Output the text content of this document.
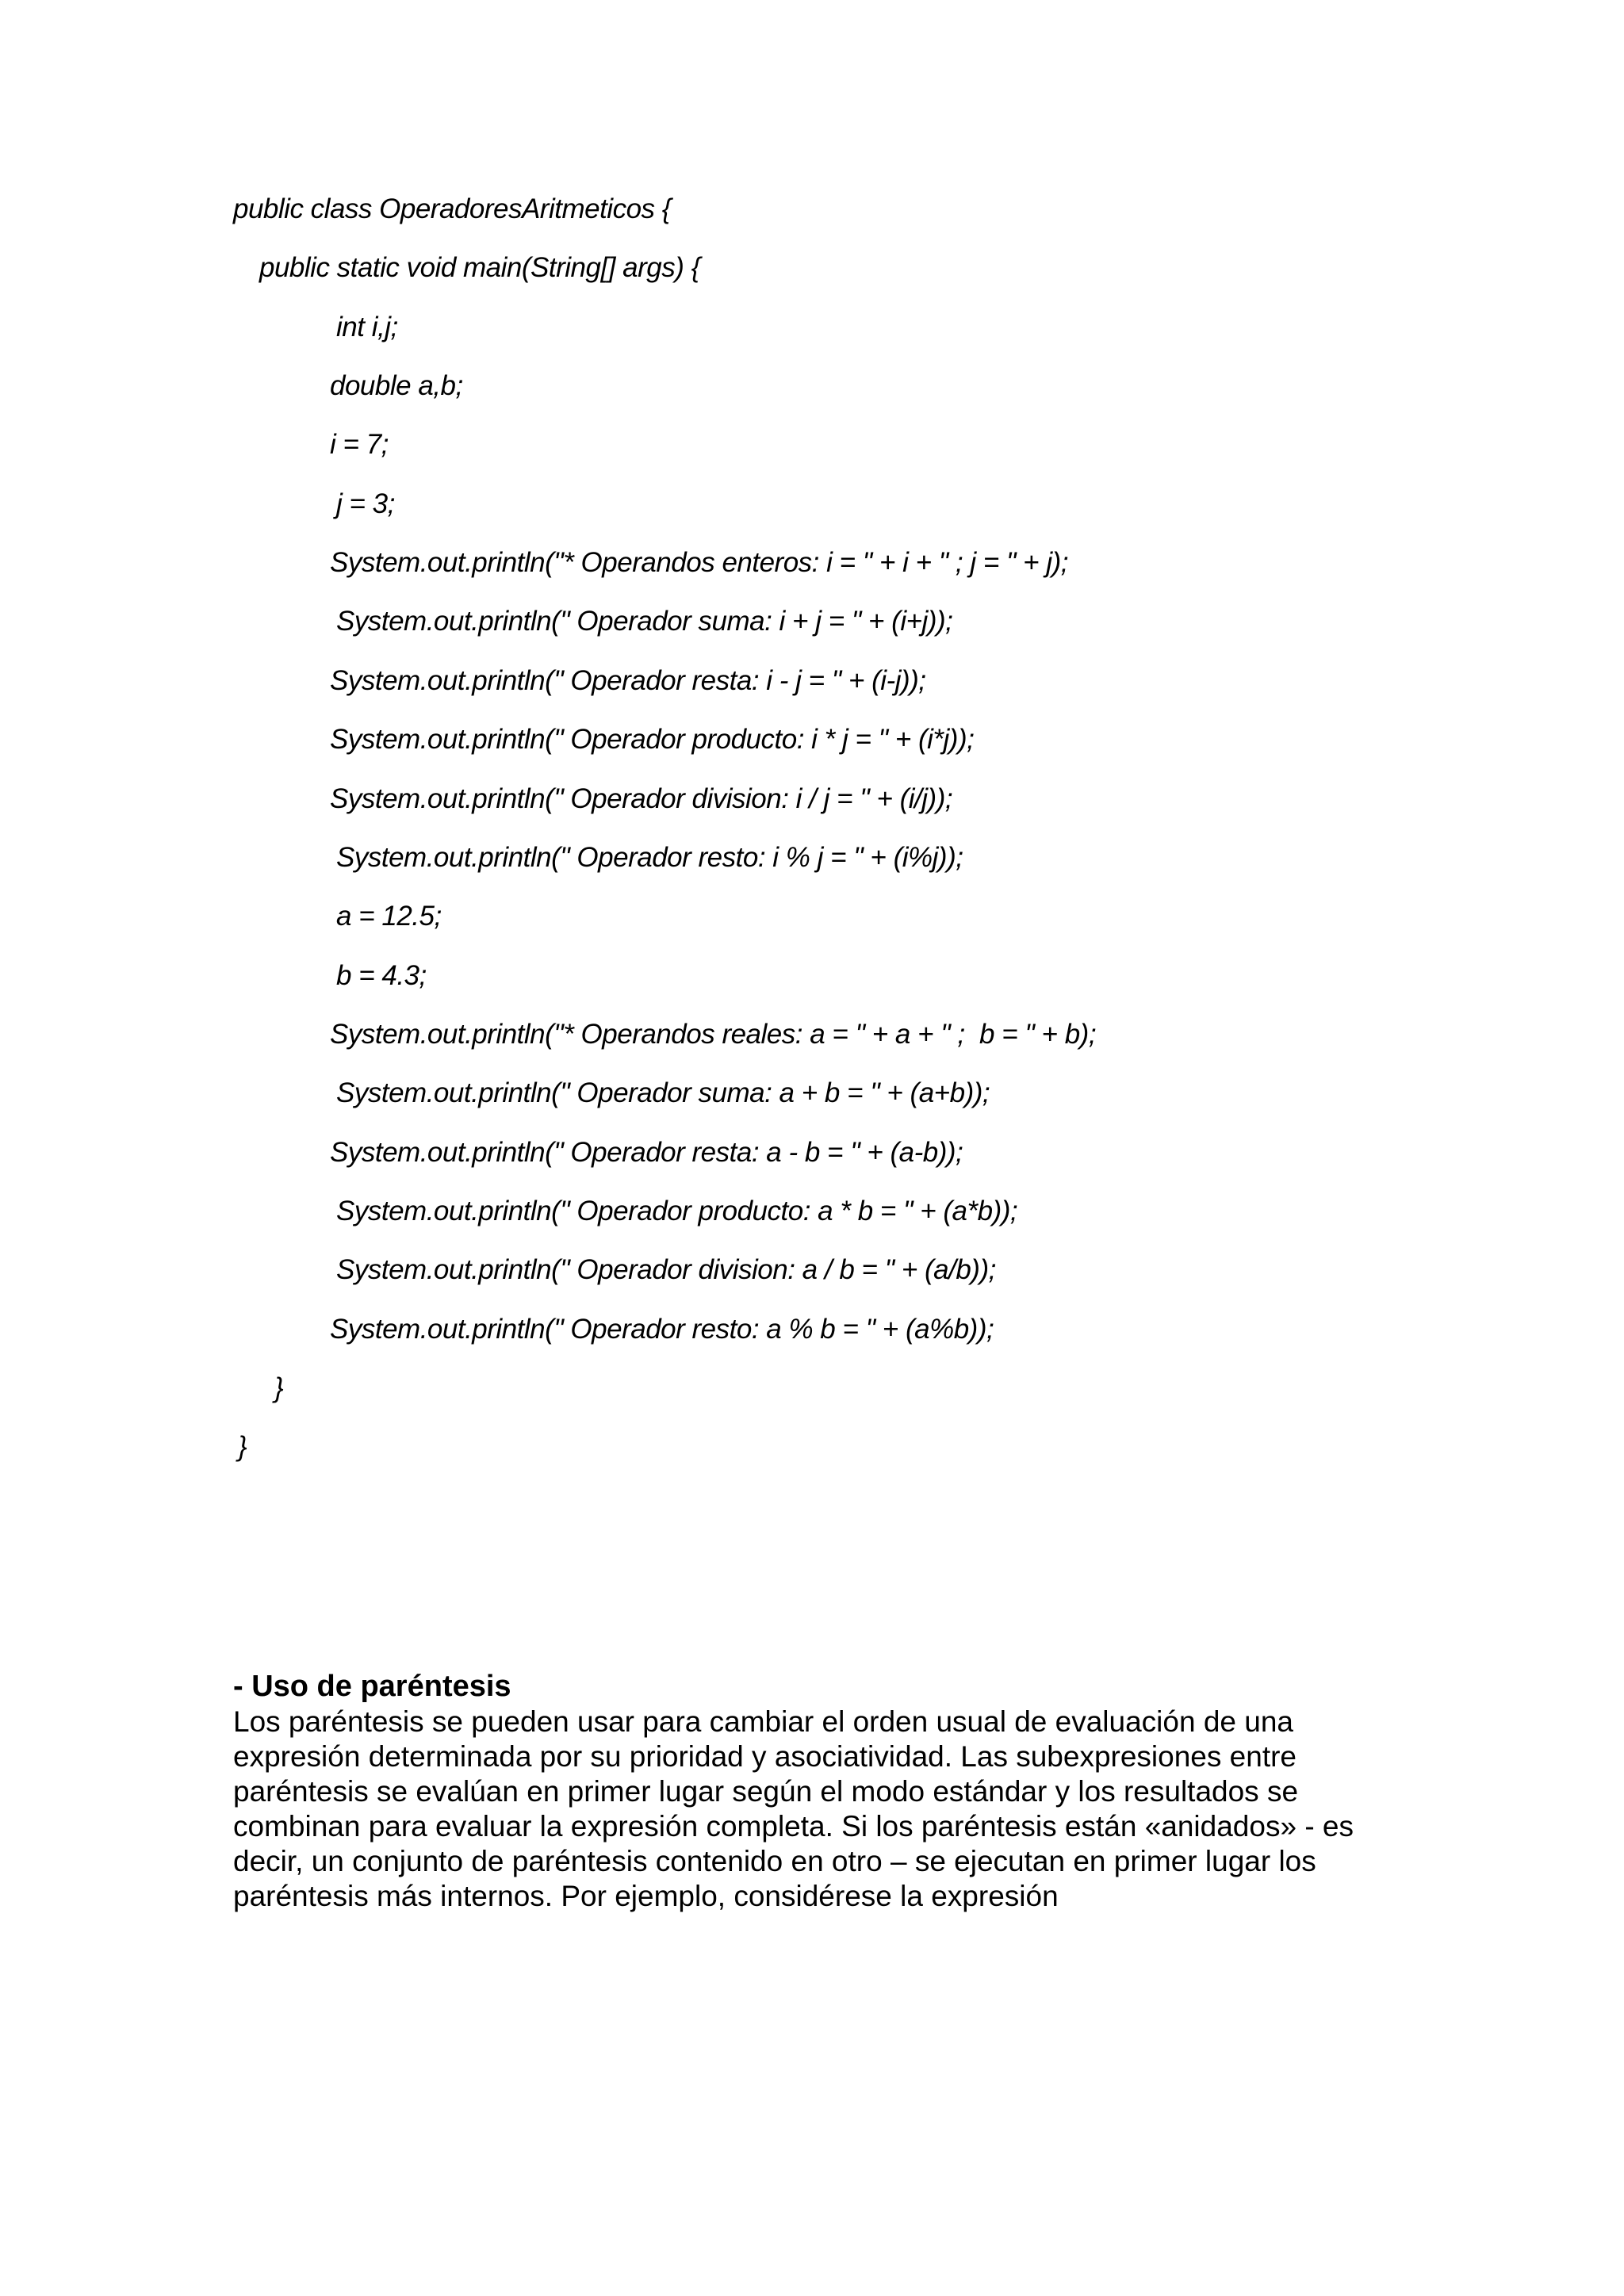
public class OperadoresAritmeticos {
public static void main(String[] args) {
int i,j;
double a,b;
i = 7;
j = 3;
System.out.println("* Operandos enteros: i = " + i + " ; j = " + j);
System.out.println(" Operador suma: i + j = " + (i+j));
System.out.println(" Operador resta: i - j = " + (i-j));
System.out.println(" Operador producto: i * j = " + (i*j));
System.out.println(" Operador division: i / j = " + (i/j));
System.out.println(" Operador resto: i % j = " + (i%j));
a = 12.5;
b = 4.3;
System.out.println("* Operandos reales: a = " + a + " ;  b = " + b);
System.out.println(" Operador suma: a + b = " + (a+b));
System.out.println(" Operador resta: a - b = " + (a-b));
System.out.println(" Operador producto: a * b = " + (a*b));
System.out.println(" Operador division: a / b = " + (a/b));
System.out.println(" Operador resto: a % b = " + (a%b));
}
}
- Uso de paréntesis
Los paréntesis se pueden usar para cambiar el orden usual de evaluación de una
expresión determinada por su prioridad y asociatividad. Las subexpresiones entre
paréntesis se evalúan en primer lugar según el modo estándar y los resultados se
combinan para evaluar la expresión completa. Si los paréntesis están «anidados» - es
decir, un conjunto de paréntesis contenido en otro – se ejecutan en primer lugar los
paréntesis más internos. Por ejemplo, considérese la expresión
